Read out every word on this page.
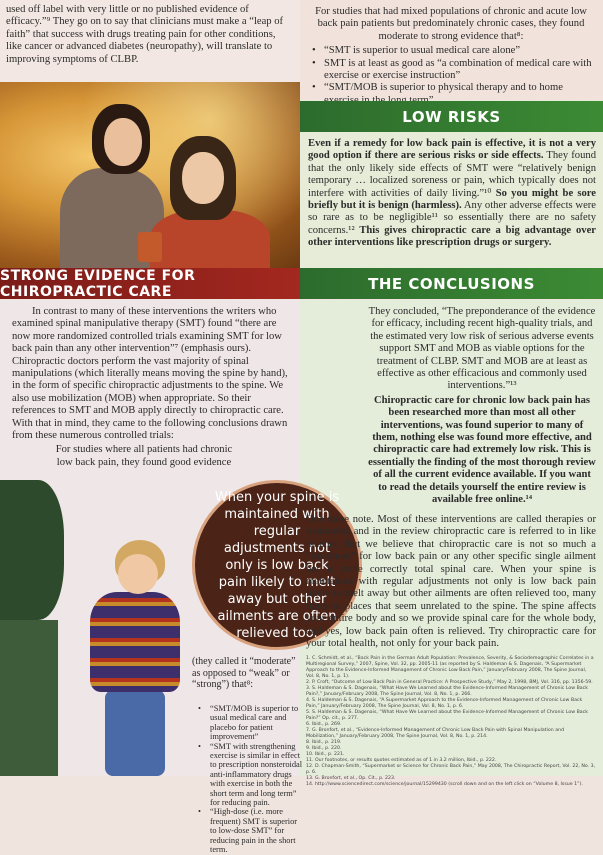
used off label with very little or no published evidence of efficacy.”⁹ They go on to say that clinicians must make a “leap of faith” that success with drugs treating pain for other conditions, like cancer or advanced diabetes (neuropathy), will translate to improving symptoms of CLBP.

For studies that had mixed populations of chronic and acute low back pain patients but predominately chronic cases, they found moderate to strong evidence that⁸:

• “SMT is superior to usual medical care alone”
• SMT is at least as good as “a combination of medical care with exercise or exercise instruction”
• “SMT/MOB is superior to physical therapy and to home
LOW RISKS

Even if a remedy for low back pain is effective, it is not a very good option if there are serious risks or side effects. They found that the only likely side effects of SMT were “relatively benign temporary … localized soreness or pain, which typically does not interfere with activities of daily living.”¹⁰ So you might be sore briefly but it is benign (harmless). Any other adverse effects were so rare as to be negligible¹¹ so essentially there are no safety concerns.¹² This gives chiropractic care a big advantage over other interventions like prescription drugs or surgery.

STRONG EVIDENCE FOR CHIROPRACTIC CARE

In contrast to many of these interventions the writers who examined spinal manipulative therapy (SMT) found “there are now more randomized controlled trials examining SMT for low back pain than any other intervention”⁷ (emphasis ours). Chiropractic doctors perform the vast majority of spinal manipulations (which literally means moving the spine by hand), in the form of specific chiropractic adjustments to the spine. We also use mobilization (MOB) when appropriate. So their references to SMT and MOB apply directly to chiropractic care. With that in mind, they came to the following conclusions drawn from these numerous controlled trials:

For studies where all patients had chronic low back pain, they found good evidence

(they called it “moderate” as opposed to “weak” or “strong”) that⁸:

• “SMT/MOB is superior to usual medical care and placebo for patient improvement”
• “SMT with strengthening exercise is similar in effect to prescription nonsteroidal anti-inflammatory drugs with exercise in both the short term and long term” for reducing pain.
• “High-dose (i.e. more frequent) SMT is superior to low-dose SMT” for reducing pain in the short term.
When your spine is maintained with regular adjustments not only is low back pain likely to melt away but other ailments are often relieved too.
THE CONCLUSIONS

They concluded, “The preponderance of the evidence for efficacy, including recent high-quality trials, and the estimated very low risk of serious adverse events support SMT and MOB as viable options for the treatment of CLBP. SMT and MOB are at least as effective as other efficacious and commonly used interventions.”¹³

Chiropractic care for chronic low back pain has been researched more than most all other interventions, was found superior to many of them, nothing else was found more effective, and chiropractic care had extremely low risk. This is essentially the finding of the most thorough review of all the current evidence available. If you want to read the details yourself the entire review is available free online.¹⁴

One more note. Most of these interventions are called therapies or treatments and in the review chiropractic care is referred to in like manner. But we believe that chiropractic care is not so much a “treatment” for low back pain or any other specific single ailment but is more correctly total spinal care. When your spine is maintained with regular adjustments not only is low back pain likely to melt away but other ailments are often relieved too, many times in places that seem unrelated to the spine. The spine affects your entire body and so we provide spinal care for the whole body, and yes, low back pain often is relieved. Try chiropractic care for your total health, not only for your back pain.

1. C. Schmidt, et al., “Back Pain in the German Adult Population: Prevalence, Severity, & Sociodemographic Correlates in a Multiregional Survey,” 2007, Spine, Vol. 32, pp. 2005-11 (as reported by S. Haldeman & S. Dagenais, “A Supermarket Approach to the Evidence-Informed Management of Chronic Low Back Pain,” January/February 2008, The Spine Journal, Vol. 8, No. 1, p. 1).
2. P. Croft, “Outcome of Low Back Pain in General Practice: A Prospective Study,” May 2, 1998, BMJ, Vol. 316, pp. 1356-59.
3. S. Haldeman & S. Dagenais, “What Have We Learned about the Evidence-Informed Management of Chronic Low Back Pain?,” January/February 2008, The Spine Journal, Vol. 8, No. 1, p. 266.
4. S. Haldeman & S. Dagenais, “A Supermarket Approach to the Evidence-Informed Management of Chronic Low Back Pain,” January/February 2008, The Spine Journal, Vol. 8, No. 1, p. 6.
5. S. Haldeman & S. Dagenais, “What Have We Learned about the Evidence-Informed Management of Chronic Low Back Pain?” Op. cit., p. 277.
6. Ibid., p. 269.
7. G. Bronfort, et al., “Evidence-Informed Management of Chronic Low Back Pain with Spinal Manipulation and Mobilization,” January/February 2008, The Spine Journal, Vol. 8, No. 1, p. 214.
8. Ibid., p. 219.
9. Ibid., p. 220.
10. Ibid., p. 221.
11. Our footnotes, or results quotes estimated as of 1 in 3.2 million, Ibid., p. 222.
12. D. Chapman-Smith, “Supermarket or Science for Chronic Back Pain,” May 2008, The Chiropractic Report, Vol. 22, No. 3, p. 6.
13. G. Bronfort, et al., Op. Cit., p. 223.
14. http://www.sciencedirect.com/science/journal/15299430 (scroll down and on the left click on “Volume 8, Issue 1”).
